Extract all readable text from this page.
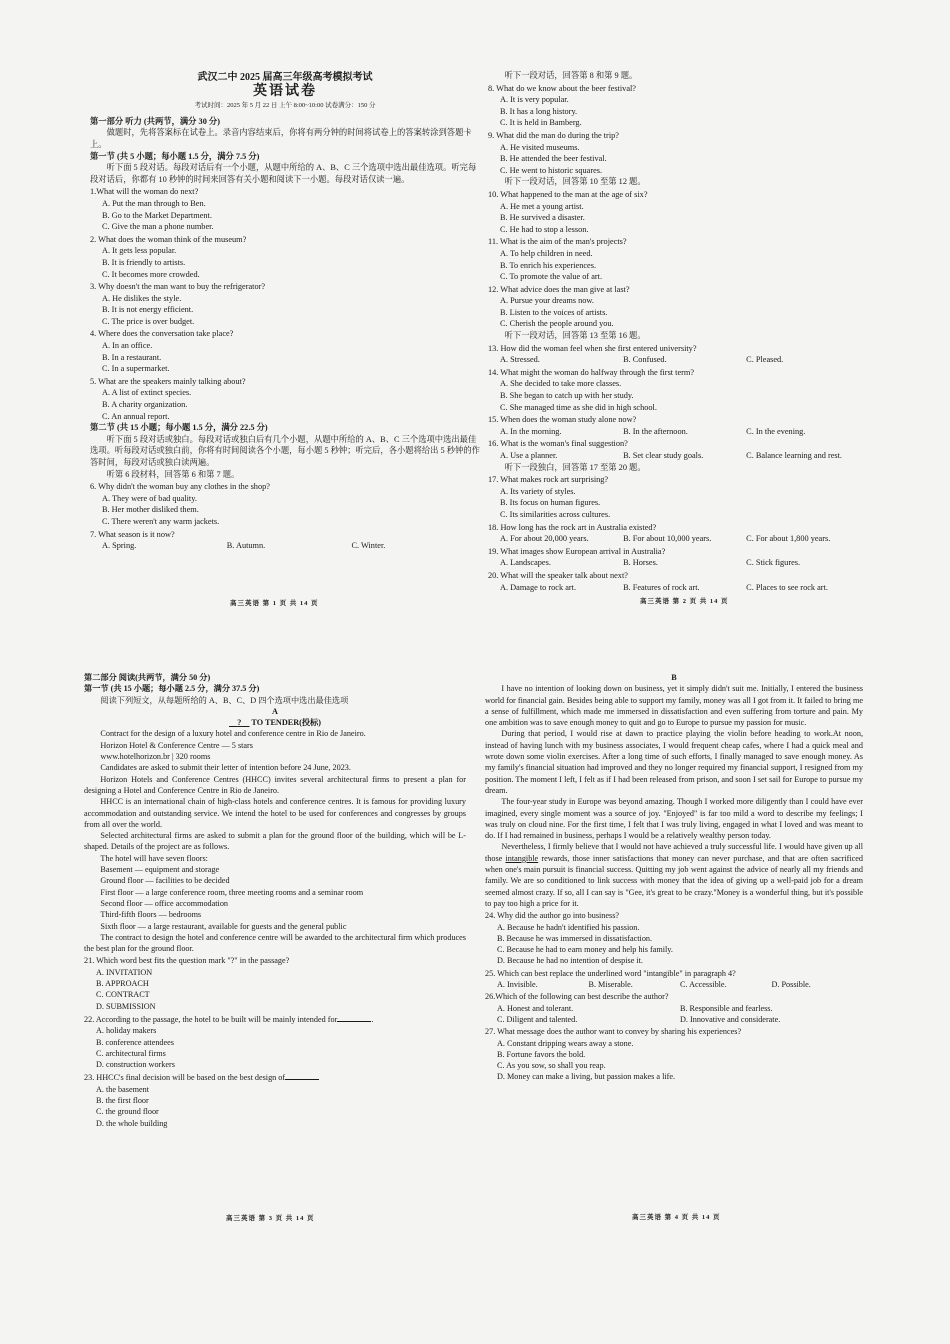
武汉二中 2025 届高三年级高考模拟考试
英语试卷
考试时间：2025 年 5 月 22 日 上午 8:00~10:00 试卷满分：150 分
第一部分 听力 (共两节，满分 30 分)
做题时，先将答案标在试卷上。录音内容结束后，你将有两分钟的时间将试卷上的答案转涂到答题卡上。
第一节 (共 5 小题；每小题 1.5 分，满分 7.5 分)
听下面 5 段对话。每段对话后有一个小题，从题中所给的 A、B、C 三个选项中选出最佳选项。听完每段对话后，你都有 10 秒钟的时间来回答有关小题和阅读下一小题。每段对话仅读一遍。
1.What will the woman do next?
A. Put the man through to Ben.
B. Go to the Market Department.
C. Give the man a phone number.
2. What does the woman think of the museum?
A. It gets less popular.
B. It is friendly to artists.
C. It becomes more crowded.
3. Why doesn't the man want to buy the refrigerator?
A. He dislikes the style.
B. It is not energy efficient.
C. The price is over budget.
4. Where does the conversation take place?
A. In an office.
B. In a restaurant.
C. In a supermarket.
5. What are the speakers mainly talking about?
A. A list of extinct species.
B. A charity organization.
C. An annual report.
第二节 (共 15 小题；每小题 1.5 分，满分 22.5 分)
听下面 5 段对话或独白。每段对话或独白后有几个小题，从题中所给的 A、B、C 三个选项中选出最佳选项。听每段对话或独白前，你将有时间阅读各个小题，每小题 5 秒钟；听完后，各小题将给出 5 秒钟的作答时间，每段对话或独白读两遍。
听第 6 段材料，回答第 6 和第 7 题。
6. Why didn't the woman buy any clothes in the shop?
A. They were of bad quality.
B. Her mother disliked them.
C. There weren't any warm jackets.
7. What season is it now?
A. Spring.	B. Autumn.	C. Winter.
高三英语 第 1 页 共 14 页
听下一段对话，回答第 8 和第 9 题。
8. What do we know about the beer festival?
A. It is very popular.
B. It has a long history.
C. It is held in Bamberg.
9. What did the man do during the trip?
A. He visited museums.
B. He attended the beer festival.
C. He went to historic squares.
听下一段对话，回答第 10 至第 12 题。
10. What happened to the man at the age of six?
A. He met a young artist.
B. He survived a disaster.
C. He had to stop a lesson.
11. What is the aim of the man's projects?
A. To help children in need.
B. To enrich his experiences.
C. To promote the value of art.
12. What advice does the man give at last?
A. Pursue your dreams now.
B. Listen to the voices of artists.
C. Cherish the people around you.
听下一段对话，回答第 13 至第 16 题。
13. How did the woman feel when she first entered university?
A. Stressed.	B. Confused.	C. Pleased.
14. What might the woman do halfway through the first term?
A. She decided to take more classes.
B. She began to catch up with her study.
C. She managed time as she did in high school.
15. When does the woman study alone now?
A. In the morning.	B. In the afternoon.	C. In the evening.
16. What is the woman's final suggestion?
A. Use a planner.	B. Set clear study goals.	C. Balance learning and rest.
听下一段独白，回答第 17 至第 20 题。
17. What makes rock art surprising?
A. Its variety of styles.
B. Its focus on human figures.
C. Its similarities across cultures.
18. How long has the rock art in Australia existed?
A. For about 20,000 years.	B. For about 10,000 years.	C. For about 1,800 years.
19. What images show European arrival in Australia?
A. Landscapes.	B. Horses.	C. Stick figures.
20. What will the speaker talk about next?
A. Damage to rock art.	B. Features of rock art.	C. Places to see rock art.
高三英语 第 2 页 共 14 页
第二部分 阅读(共两节，满分 50 分)
第一节 (共 15 小题；每小题 2.5 分，满分 37.5 分)
阅读下列短文，从每题所给的 A、B、C、D 四个选项中选出最佳选项
A
? TO TENDER(投标)
Contract for the design of a luxury hotel and conference centre in Rio de Janeiro.
Horizon Hotel & Conference Centre — 5 stars
www.hotelhorizon.br | 320 rooms
Candidates are asked to submit their letter of intention before 24 June, 2023.
Horizon Hotels and Conference Centres (HHCC) invites several architectural firms to present a plan for designing a Hotel and Conference Centre in Rio de Janeiro.
HHCC is an international chain of high-class hotels and conference centres. It is famous for providing luxury accommodation and outstanding service. We intend the hotel to be used for conferences and congresses by groups from all over the world.
Selected architectural firms are asked to submit a plan for the ground floor of the building, which will be L-shaped. Details of the project are as follows.
The hotel will have seven floors:
Basement — equipment and storage
Ground floor — facilities to be decided
First floor — a large conference room, three meeting rooms and a seminar room
Second floor — office accommodation
Third-fifth floors — bedrooms
Sixth floor — a large restaurant, available for guests and the general public
The contract to design the hotel and conference centre will be awarded to the architectural firm which produces the best plan for the ground floor.
21. Which word best fits the question mark "?" in the passage?
A. INVITATION
B. APPROACH
C. CONTRACT
D. SUBMISSION
22. According to the passage, the hotel to be built will be mainly intended for	.
A. holiday makers
B. conference attendees
C. architectural firms
D. construction workers
23. HHCC's final decision will be based on the best design of
A. the basement
B. the first floor
C. the ground floor
D. the whole building
高三英语 第 3 页 共 14 页
B
I have no intention of looking down on business, yet it simply didn't suit me. Initially, I entered the business world for financial gain. Besides being able to support my family, money was all I got from it. It failed to bring me a sense of fulfillment, which made me immersed in dissatisfaction and even suffering from torture and pain. My one ambition was to save enough money to quit and go to Europe to pursue my passion for music.
During that period, I would rise at dawn to practice playing the violin before heading to work.At noon, instead of having lunch with my business associates, I would frequent cheap cafes, where I had a quick meal and wrote down some violin exercises. After a long time of such efforts, I finally managed to save enough money. As my family's financial situation had improved and they no longer required my financial support, I resigned from my position. The moment I left, I felt as if I had been released from prison, and soon I set sail for Europe to pursue my dream.
The four-year study in Europe was beyond amazing. Though I worked more diligently than I could have ever imagined, every single moment was a source of joy. "Enjoyed" is far too mild a word to describe my feelings; I was truly on cloud nine. For the first time, I felt that I was truly living, engaged in what I loved and was meant to do. If I had remained in business, perhaps I would be a relatively wealthy person today.
Nevertheless, I firmly believe that I would not have achieved a truly successful life. I would have given up all those intangible rewards, those inner satisfactions that money can never purchase, and that are often sacrificed when one's main pursuit is financial success. Quitting my job went against the advice of nearly all my friends and family. We are so conditioned to link success with money that the idea of giving up a well-paid job for a dream seemed almost crazy. If so, all I can say is "Gee, it's great to be crazy."Money is a wonderful thing, but it's possible to pay too high a price for it.
24. Why did the author go into business?
A. Because he hadn't identified his passion.
B. Because he was immersed in dissatisfaction.
C. Because he had to earn money and help his family.
D. Because he had no intention of despise it.
25. Which can best replace the underlined word "intangible" in paragraph 4?
A. Invisible.	B. Miserable.	C. Accessible.	D. Possible.
26.Which of the following can best describe the author?
A. Honest and tolerant.	B. Responsible and fearless.
C. Diligent and talented.	D. Innovative and considerate.
27. What message does the author want to convey by sharing his experiences?
A. Constant dripping wears away a stone.
B. Fortune favors the bold.
C. As you sow, so shall you reap.
D. Money can make a living, but passion makes a life.
高三英语 第 4 页 共 14 页
